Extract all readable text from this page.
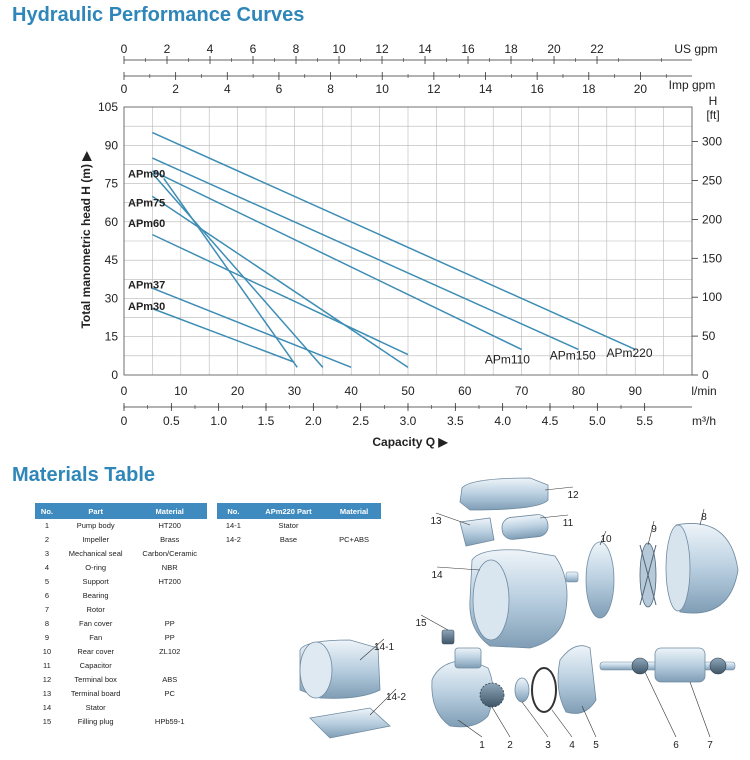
Hydraulic Performance Curves
Materials Table
0
15
30
45
60
75
90
105
0
50
100
150
200
250
300
H
[ft]
0	10	20	30	40	50	60	70	80	90	l/min
0	0.5	1.0	1.5	2.0	2.5	3.0	3.5	4.0	4.5	5.0	5.5	m³/h
Capacity Q ▶
0	2	4	6	8	10 12 14 16 18 20 22	US gpm
0	2	4	6	8	10	12	14	16	18	20 Imp gpm
Total manometric head H (m) ▶	APm90
APm75
APm60
APm37
APm30
APm110 APm150 APm220
No.	Part	Material
1	Pump body	HT200
2	Impeller	Brass
3	Mechanical seal	Carbon/Ceramic
4	O-ring	NBR
5	Support	HT200
6	Bearing	
7	Rotor	
8	Fan cover	PP
9	Fan	PP
10	Rear cover	ZL102
11	Capacitor	
12	Terminal box	ABS
13	Terminal board	PC
14	Stator	
15	Filling plug	HPb59-1
No.	APm220 Part	Material
14-1	Stator	
14-2	Base	PC+ABS
1 2	3 4 5	6	7
8
9
10
11
12
13
14
14-1
14-2
15
